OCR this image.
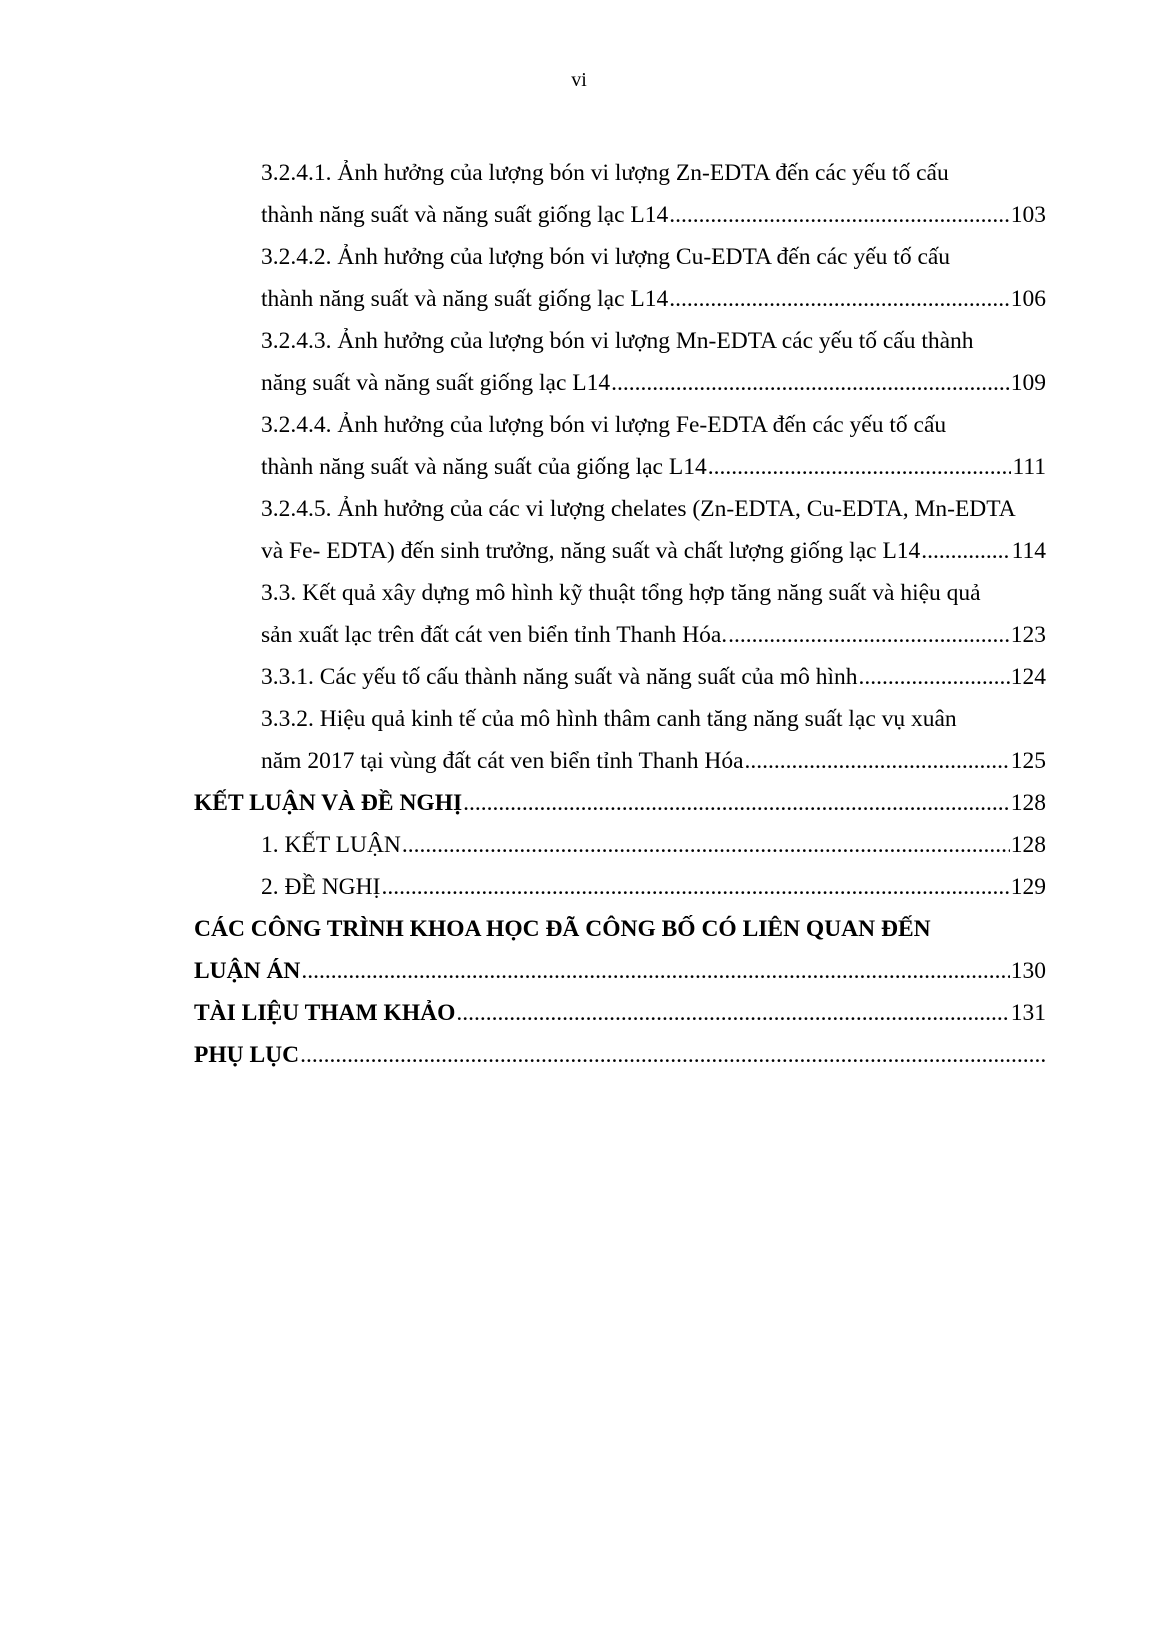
vi
3.2.4.1. Ảnh hưởng của lượng bón vi lượng Zn-EDTA đến các yếu tố cấu
thành năng suất và năng suất giống lạc L14 .....	103
3.2.4.2. Ảnh hưởng của lượng bón vi lượng Cu-EDTA đến các yếu tố cấu
thành năng suất và năng suất giống lạc L14 .....	106
3.2.4.3. Ảnh hưởng của lượng bón vi lượng Mn-EDTA các yếu tố cấu thành
năng suất và năng suất giống lạc L14 .....	109
3.2.4.4. Ảnh hưởng của lượng bón vi lượng Fe-EDTA đến các yếu tố cấu
thành năng suất và năng suất của giống lạc L14 .....	111
3.2.4.5. Ảnh hưởng của các vi lượng chelates (Zn-EDTA, Cu-EDTA, Mn-EDTA
và Fe- EDTA) đến sinh trưởng, năng suất và chất lượng giống lạc L14 .....	114
3.3. Kết quả xây dựng mô hình kỹ thuật tổng hợp tăng năng suất và hiệu quả
sản xuất lạc trên đất cát ven biển tỉnh Thanh Hóa. .....	123
3.3.1. Các yếu tố cấu thành năng suất và năng suất của mô hình .....	124
3.3.2. Hiệu quả kinh tế của mô hình thâm canh tăng năng suất lạc vụ xuân
năm 2017 tại vùng đất cát ven biển tỉnh Thanh Hóa .....	125
KẾT LUẬN VÀ ĐỀ NGHỊ .....	128
1. KẾT LUẬN .....	128
2. ĐỀ NGHỊ .....	129
CÁC CÔNG TRÌNH KHOA HỌC ĐÃ CÔNG BỐ CÓ LIÊN QUAN ĐẾN
LUẬN ÁN .....	130
TÀI LIỆU THAM KHẢO .....	131
PHỤ LỤC
.....
